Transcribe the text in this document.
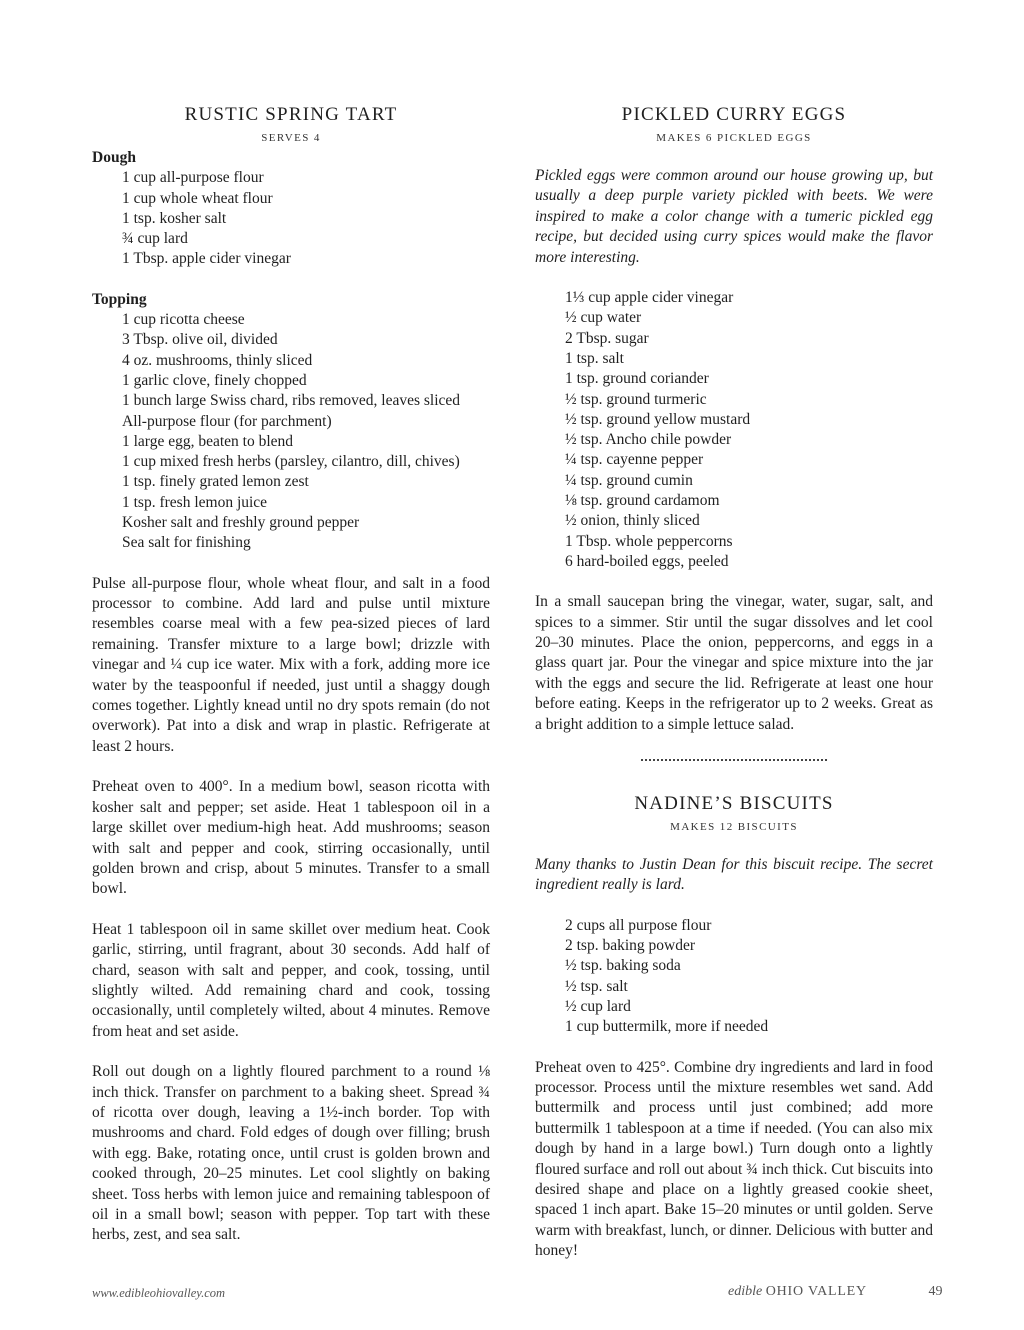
RUSTIC SPRING TART
SERVES 4
Dough
1 cup all-purpose flour
1 cup whole wheat flour
1 tsp. kosher salt
¾ cup lard
1 Tbsp. apple cider vinegar
Topping
1 cup ricotta cheese
3 Tbsp. olive oil, divided
4 oz. mushrooms, thinly sliced
1 garlic clove, finely chopped
1 bunch large Swiss chard, ribs removed, leaves sliced
All-purpose flour (for parchment)
1 large egg, beaten to blend
1 cup mixed fresh herbs (parsley, cilantro, dill, chives)
1 tsp. finely grated lemon zest
1 tsp. fresh lemon juice
Kosher salt and freshly ground pepper
Sea salt for finishing

Pulse all-purpose flour, whole wheat flour, and salt in a food processor to combine. Add lard and pulse until mixture resembles coarse meal with a few pea-sized pieces of lard remaining. Transfer mixture to a large bowl; drizzle with vinegar and ¼ cup ice water. Mix with a fork, adding more ice water by the teaspoonful if needed, just until a shaggy dough comes together. Lightly knead until no dry spots remain (do not overwork). Pat into a disk and wrap in plastic. Refrigerate at least 2 hours.

Preheat oven to 400°. In a medium bowl, season ricotta with kosher salt and pepper; set aside. Heat 1 tablespoon oil in a large skillet over medium-high heat. Add mushrooms; season with salt and pepper and cook, stirring occasionally, until golden brown and crisp, about 5 minutes. Transfer to a small bowl.

Heat 1 tablespoon oil in same skillet over medium heat. Cook garlic, stirring, until fragrant, about 30 seconds. Add half of chard, season with salt and pepper, and cook, tossing, until slightly wilted. Add remaining chard and cook, tossing occasionally, until completely wilted, about 4 minutes. Remove from heat and set aside.

Roll out dough on a lightly floured parchment to a round ⅛ inch thick. Transfer on parchment to a baking sheet. Spread ¾ of ricotta over dough, leaving a 1½-inch border. Top with mushrooms and chard. Fold edges of dough over filling; brush with egg. Bake, rotating once, until crust is golden brown and cooked through, 20–25 minutes. Let cool slightly on baking sheet. Toss herbs with lemon juice and remaining tablespoon of oil in a small bowl; season with pepper. Top tart with these herbs, zest, and sea salt.

PICKLED CURRY EGGS
MAKES 6 PICKLED EGGS

Pickled eggs were common around our house growing up, but usually a deep purple variety pickled with beets. We were inspired to make a color change with a tumeric pickled egg recipe, but decided using curry spices would make the flavor more interesting.

1⅓ cup apple cider vinegar
½ cup water
2 Tbsp. sugar
1 tsp. salt
1 tsp. ground coriander
½ tsp. ground turmeric
½ tsp. ground yellow mustard
½ tsp. Ancho chile powder
¼ tsp. cayenne pepper
¼ tsp. ground cumin
⅛ tsp. ground cardamom
½ onion, thinly sliced
1 Tbsp. whole peppercorns
6 hard-boiled eggs, peeled

In a small saucepan bring the vinegar, water, sugar, salt, and spices to a simmer. Stir until the sugar dissolves and let cool 20–30 minutes. Place the onion, peppercorns, and eggs in a glass quart jar. Pour the vinegar and spice mixture into the jar with the eggs and secure the lid. Refrigerate at least one hour before eating. Keeps in the refrigerator up to 2 weeks. Great as a bright addition to a simple lettuce salad.

NADINE’S BISCUITS
MAKES 12 BISCUITS

Many thanks to Justin Dean for this biscuit recipe. The secret ingredient really is lard.

2 cups all purpose flour
2 tsp. baking powder
½ tsp. baking soda
½ tsp. salt
½ cup lard
1 cup buttermilk, more if needed

Preheat oven to 425°. Combine dry ingredients and lard in food processor. Process until the mixture resembles wet sand. Add buttermilk and process until just combined; add more buttermilk 1 tablespoon at a time if needed. (You can also mix dough by hand in a large bowl.) Turn dough onto a lightly floured surface and roll out about ¾ inch thick. Cut biscuits into desired shape and place on a lightly greased cookie sheet, spaced 1 inch apart. Bake 15–20 minutes or until golden. Serve warm with breakfast, lunch, or dinner. Delicious with butter and honey!

www.edibleohiovalley.com	edible OHIO VALLEY	49
